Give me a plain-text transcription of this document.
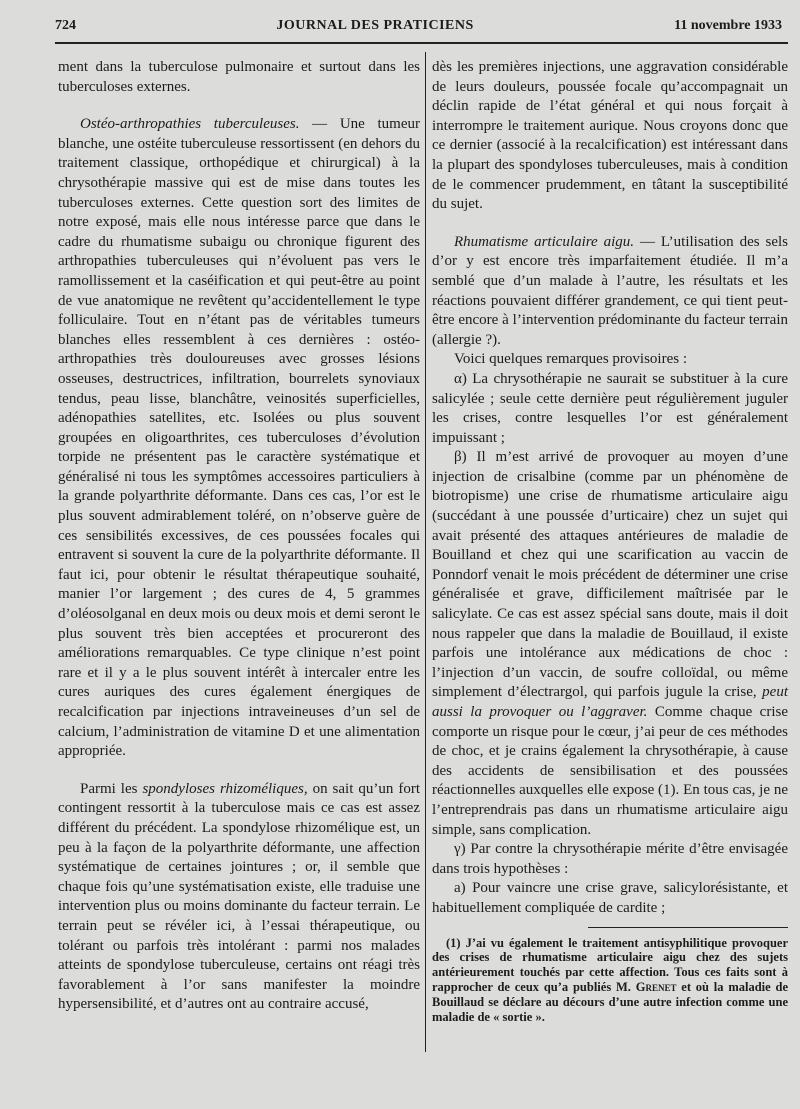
724	JOURNAL DES PRATICIENS	11 novembre 1933

ment dans la tuberculose pulmonaire et surtout dans les tuberculoses externes.

Ostéo-arthropathies tuberculeuses. — Une tumeur blanche, une ostéite tuberculeuse ressortissent (en dehors du traitement classique, orthopédique et chirurgical) à la chrysothérapie massive qui est de mise dans toutes les tuberculoses externes. Cette question sort des limites de notre exposé, mais elle nous intéresse parce que dans le cadre du rhumatisme subaigu ou chronique figurent des arthropathies tuberculeuses qui n’évoluent pas vers le ramollissement et la caséification et qui peut-être au point de vue anatomique ne revêtent qu’accidentellement le type folliculaire. Tout en n’étant pas de véritables tumeurs blanches elles ressemblent à ces dernières : ostéo-arthropathies très douloureuses avec grosses lésions osseuses, destructrices, infiltration, bourrelets synoviaux tendus, peau lisse, blanchâtre, veinosités superficielles, adénopathies satellites, etc. Isolées ou plus souvent groupées en oligoarthrites, ces tuberculoses d’évolution torpide ne présentent pas le caractère systématique et généralisé ni tous les symptômes accessoires particuliers à la grande polyarthrite déformante. Dans ces cas, l’or est le plus souvent admirablement toléré, on n’observe guère de ces sensibilités excessives, de ces poussées focales qui entravent si souvent la cure de la polyarthrite déformante. Il faut ici, pour obtenir le résultat thérapeutique souhaité, manier l’or largement ; des cures de 4, 5 grammes d’oléosolganal en deux mois ou deux mois et demi seront le plus souvent très bien acceptées et procureront des améliorations remarquables. Ce type clinique n’est point rare et il y a le plus souvent intérêt à intercaler entre les cures auriques des cures également énergiques de recalcification par injections intraveineuses d’un sel de calcium, l’administration de vitamine D et une alimentation appropriée.

Parmi les spondyloses rhizoméliques, on sait qu’un fort contingent ressortit à la tuberculose mais ce cas est assez différent du précédent. La spondylose rhizomélique est, un peu à la façon de la polyarthrite déformante, une affection systématique de certaines jointures ; or, il semble que chaque fois qu’une systématisation existe, elle traduise une intervention plus ou moins dominante du facteur terrain. Le terrain peut se révéler ici, à l’essai thérapeutique, ou tolérant ou parfois très intolérant : parmi nos malades atteints de spondylose tuberculeuse, certains ont réagi très favorablement à l’or sans manifester la moindre hypersensibilité, et d’autres ont au contraire accusé,

dès les premières injections, une aggravation considérable de leurs douleurs, poussée focale qu’accompagnait un déclin rapide de l’état général et qui nous forçait à interrompre le traitement aurique. Nous croyons donc que ce dernier (associé à la recalcification) est intéressant dans la plupart des spondyloses tuberculeuses, mais à condition de le commencer prudemment, en tâtant la susceptibilité du sujet.

Rhumatisme articulaire aigu. — L’utilisation des sels d’or y est encore très imparfaitement étudiée. Il m’a semblé que d’un malade à l’autre, les résultats et les réactions pouvaient différer grandement, ce qui tient peut-être encore à l’intervention prédominante du facteur terrain (allergie ?).

Voici quelques remarques provisoires :

α) La chrysothérapie ne saurait se substituer à la cure salicylée ; seule cette dernière peut régulièrement juguler les crises, contre lesquelles l’or est généralement impuissant ;

β) Il m’est arrivé de provoquer au moyen d’une injection de crisalbine (comme par un phénomène de biotropisme) une crise de rhumatisme articulaire aigu (succédant à une poussée d’urticaire) chez un sujet qui avait présenté des attaques antérieures de maladie de Bouilland et chez qui une scarification au vaccin de Ponndorf venait le mois précédent de déterminer une crise généralisée et grave, difficilement maîtrisée par le salicylate. Ce cas est assez spécial sans doute, mais il doit nous rappeler que dans la maladie de Bouillaud, il existe parfois une intolérance aux médications de choc : l’injection d’un vaccin, de soufre colloïdal, ou même simplement d’électrargol, qui parfois jugule la crise, peut aussi la provoquer ou l’aggraver. Comme chaque crise comporte un risque pour le cœur, j’ai peur de ces méthodes de choc, et je crains également la chrysothérapie, à cause des accidents de sensibilisation et des poussées réactionnelles auxquelles elle expose (1). En tous cas, je ne l’entreprendrais pas dans un rhumatisme articulaire aigu simple, sans complication.

γ) Par contre la chrysothérapie mérite d’être envisagée dans trois hypothèses :

a) Pour vaincre une crise grave, salicylorésistante, et habituellement compliquée de cardite ;

(1) J’ai vu également le traitement antisyphilitique provoquer des crises de rhumatisme articulaire aigu chez des sujets antérieurement touchés par cette affection. Tous ces faits sont à rapprocher de ceux qu’a publiés M. Grenet et où la maladie de Bouillaud se déclare au décours d’une autre infection comme une maladie de « sortie ».
